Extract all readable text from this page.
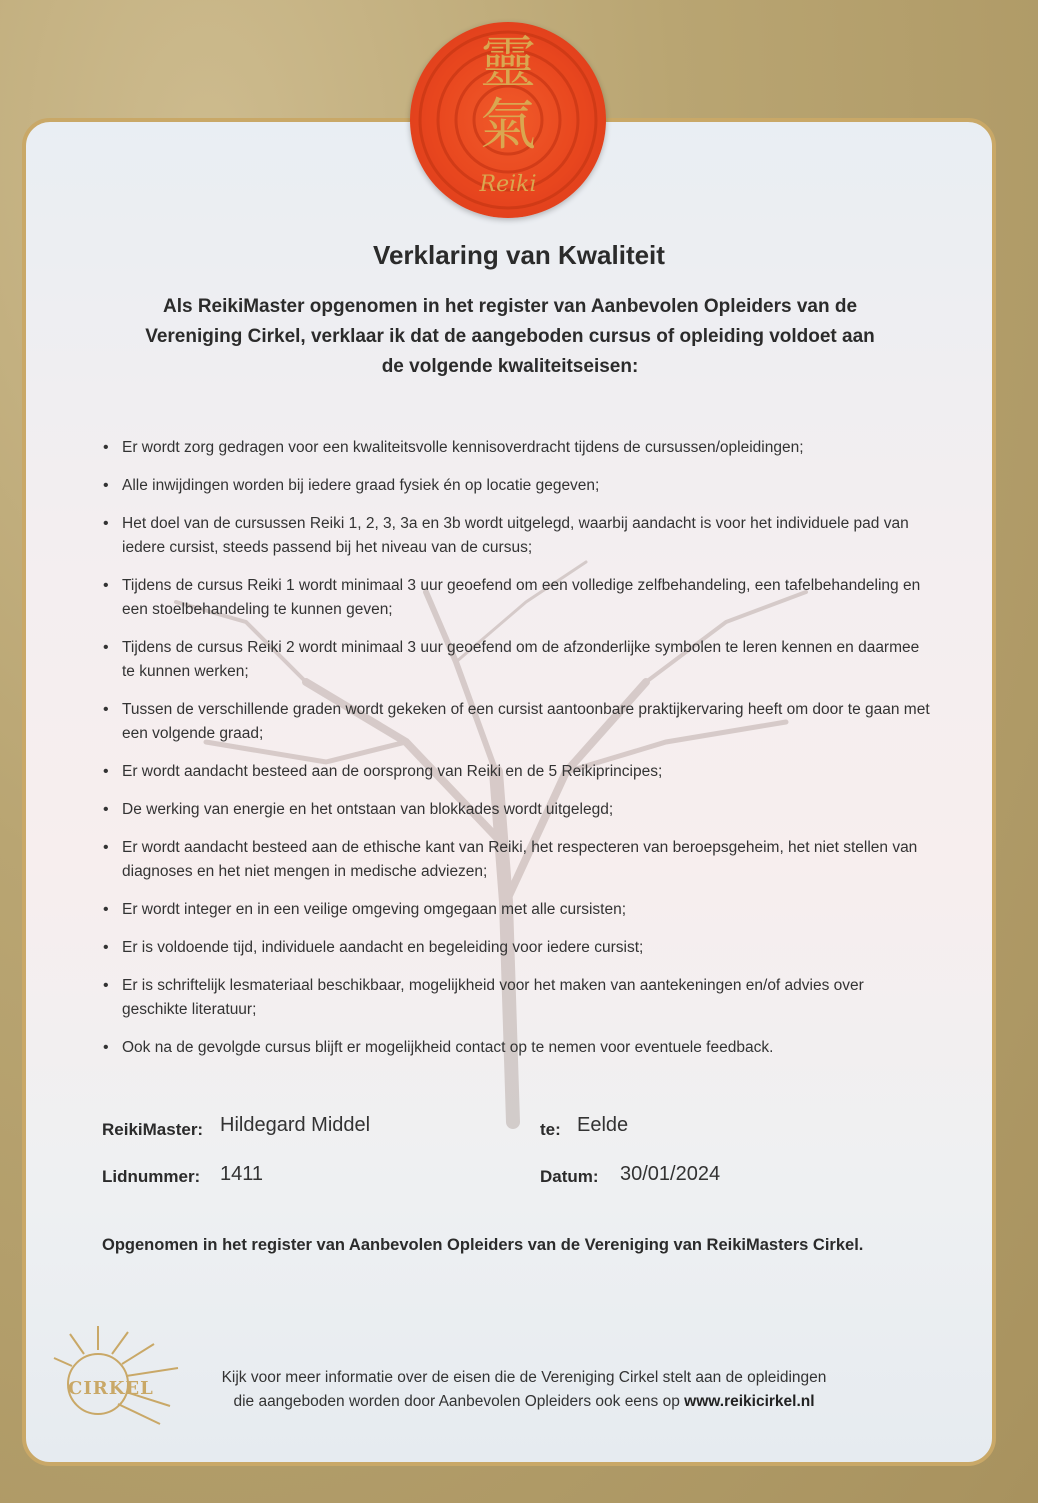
靈
氣
Reiki
Verklaring van Kwaliteit
Als ReikiMaster opgenomen in het register van Aanbevolen Opleiders van de Vereniging Cirkel, verklaar ik dat de aangeboden cursus of opleiding voldoet aan de volgende kwaliteitseisen:
• Er wordt zorg gedragen voor een kwaliteitsvolle kennisoverdracht tijdens de cursussen/opleidingen;
• Alle inwijdingen worden bij iedere graad fysiek én op locatie gegeven;
• Het doel van de cursussen Reiki 1, 2, 3, 3a en 3b wordt uitgelegd, waarbij aandacht is voor het individuele pad van iedere cursist, steeds passend bij het niveau van de cursus;
• Tijdens de cursus Reiki 1 wordt minimaal 3 uur geoefend om een volledige zelfbehandeling, een tafelbehandeling en een stoelbehandeling te kunnen geven;
• Tijdens de cursus Reiki 2 wordt minimaal 3 uur geoefend om de afzonderlijke symbolen te leren kennen en daarmee te kunnen werken;
• Tussen de verschillende graden wordt gekeken of een cursist aantoonbare praktijkervaring heeft om door te gaan met een volgende graad;
• Er wordt aandacht besteed aan de oorsprong van Reiki en de 5 Reikiprincipes;
• De werking van energie en het ontstaan van blokkades wordt uitgelegd;
• Er wordt aandacht besteed aan de ethische kant van Reiki, het respecteren van beroepsgeheim, het niet stellen van diagnoses en het niet mengen in medische adviezen;
• Er wordt integer en in een veilige omgeving omgegaan met alle cursisten;
• Er is voldoende tijd, individuele aandacht en begeleiding voor iedere cursist;
• Er is schriftelijk lesmateriaal beschikbaar, mogelijkheid voor het maken van aantekeningen en/of advies over geschikte literatuur;
• Ook na de gevolgde cursus blijft er mogelijkheid contact op te nemen voor eventuele feedback.
ReikiMaster: Hildegard Middel	te: Eelde
Lidnummer: 1411	Datum: 30/01/2024
Opgenomen in het register van Aanbevolen Opleiders van de Vereniging van ReikiMasters Cirkel.
CIRKEL
Kijk voor meer informatie over de eisen die de Vereniging Cirkel stelt aan de opleidingen
die aangeboden worden door Aanbevolen Opleiders ook eens op www.reikicirkel.nl
